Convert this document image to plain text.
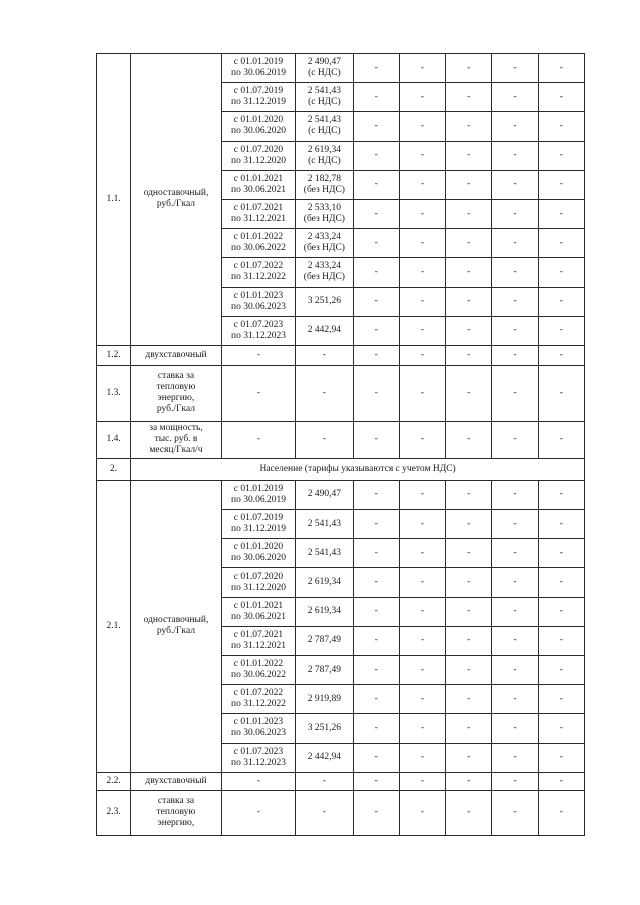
1.1.	одноставочный,
руб./Гкал	с 01.01.2019
по 30.06.2019	2 490,47
(с НДС)	-	-	-	-	-
		с 01.07.2019
по 31.12.2019	2 541,43
(с НДС)	-	-	-	-	-
		с 01.01.2020
по 30.06.2020	2 541,43
(с НДС)	-	-	-	-	-
		с 01.07.2020
по 31.12.2020	2 619,34
(с НДС)	-	-	-	-	-
		с 01.01.2021
по 30.06.2021	2 182,78
(без НДС)	-	-	-	-	-
		с 01.07.2021
по 31.12.2021	2 533,10
(без НДС)	-	-	-	-	-
		с 01.01.2022
по 30.06.2022	2 433,24
(без НДС)	-	-	-	-	-
		с 01.07.2022
по 31.12.2022	2 433,24
(без НДС)	-	-	-	-	-
		с 01.01.2023
по 30.06.2023	3 251,26	-	-	-	-	-
		с 01.07.2023
по 31.12.2023	2 442,94	-	-	-	-	-
1.2.	двухставочный	-	-	-	-	-	-	-
1.3.	ставка за
тепловую
энергию,
руб./Гкал	-	-	-	-	-	-	-
1.4.	за мощность,
тыс. руб. в
месяц/Гкал/ч	-	-	-	-	-	-	-
2.	Население (тарифы указываются с учетом НДС)							
2.1.	одноставочный,
руб./Гкал	с 01.01.2019
по 30.06.2019	2 490,47	-	-	-	-	-
		с 01.07.2019
по 31.12.2019	2 541,43	-	-	-	-	-
		с 01.01.2020
по 30.06.2020	2 541,43	-	-	-	-	-
		с 01.07.2020
по 31.12.2020	2 619,34	-	-	-	-	-
		с 01.01.2021
по 30.06.2021	2 619,34	-	-	-	-	-
		с 01.07.2021
по 31.12.2021	2 787,49	-	-	-	-	-
		с 01.01.2022
по 30.06.2022	2 787,49	-	-	-	-	-
		с 01.07.2022
по 31.12.2022	2 919,89	-	-	-	-	-
		с 01.01.2023
по 30.06.2023	3 251,26	-	-	-	-	-
		с 01.07.2023
по 31.12.2023	2 442,94	-	-	-	-	-
2.2.	двухставочный	-	-	-	-	-	-	-
2.3.	ставка за
тепловую
энергию,	-	-	-	-	-	-	-
